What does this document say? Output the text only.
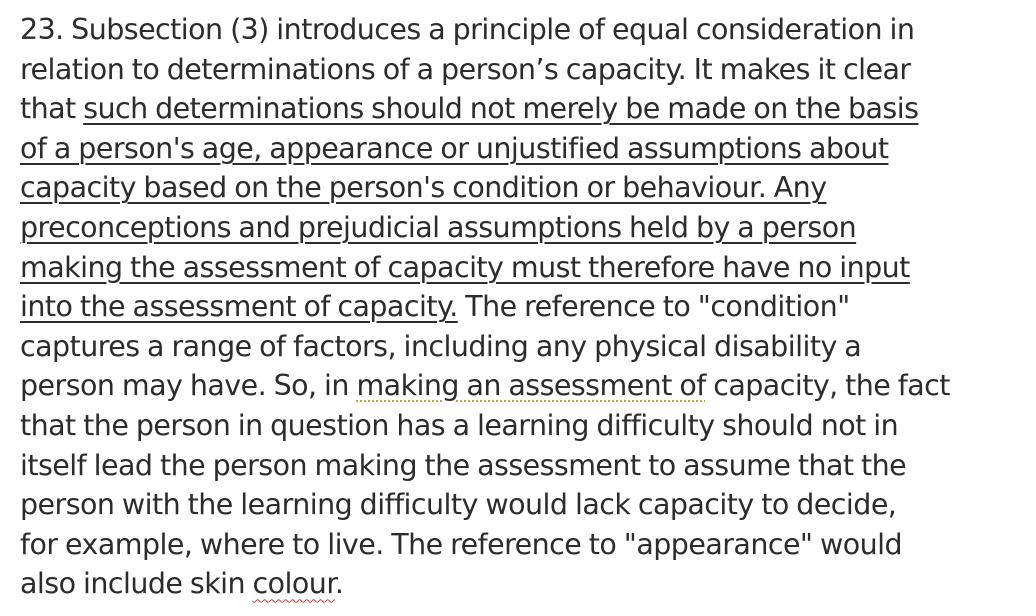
23. Subsection (3) introduces a principle of equal consideration in
relation to determinations of a person’s capacity. It makes it clear
that such determinations should not merely be made on the basis
of a person's age, appearance or unjustified assumptions about
capacity based on the person's condition or behaviour. Any
preconceptions and prejudicial assumptions held by a person
making the assessment of capacity must therefore have no input
into the assessment of capacity. The reference to "condition"
captures a range of factors, including any physical disability a
person may have. So, in making an assessment of capacity, the fact
that the person in question has a learning difficulty should not in
itself lead the person making the assessment to assume that the
person with the learning difficulty would lack capacity to decide,
for example, where to live. The reference to "appearance" would
also include skin colour.
